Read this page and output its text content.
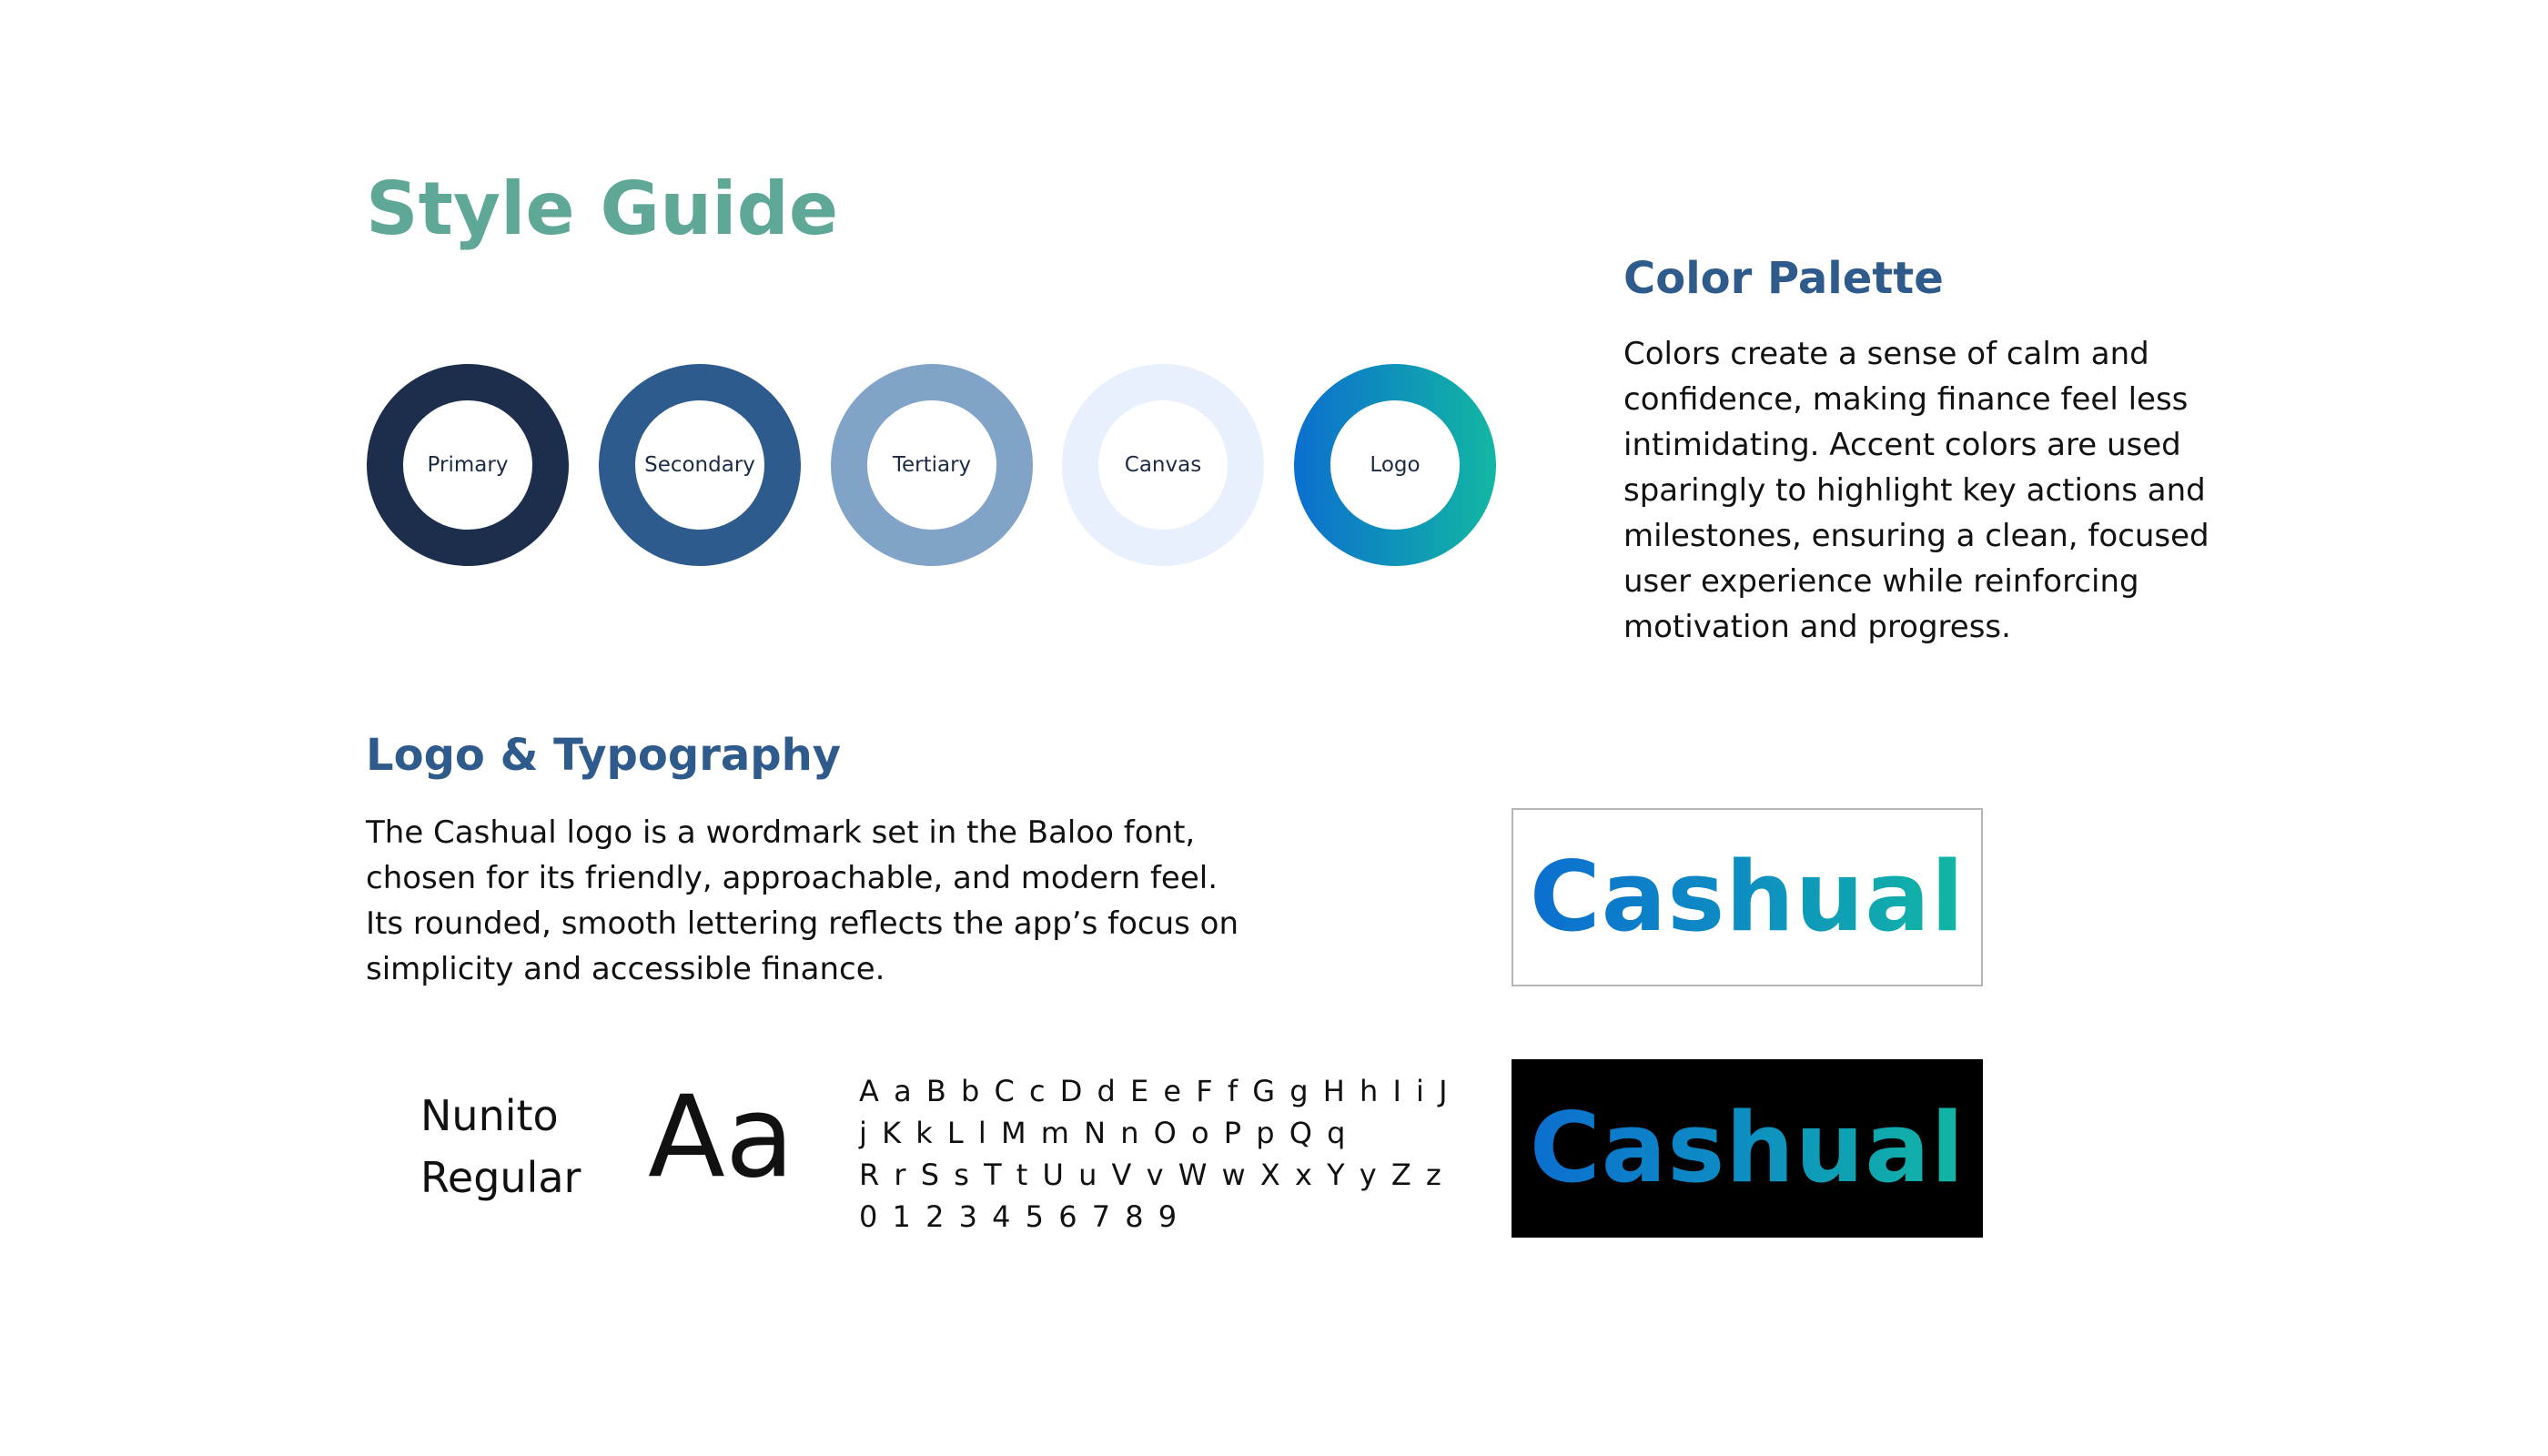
Style Guide
Primary	Secondary	Tertiary	Canvas	Logo
Color Palette

Colors create a sense of calm and confidence, making finance feel less intimidating. Accent colors are used sparingly to highlight key actions and milestones, ensuring a clean, focused user experience while reinforcing motivation and progress.

Logo & Typography

The Cashual logo is a wordmark set in the Baloo font, chosen for its friendly, approachable, and modern feel. Its rounded, smooth lettering reflects the app’s focus on simplicity and accessible finance.

Nunito
Regular Aa A a B b C c D d E e F f G g H h I i J
j K k L l M m N n O o P p Q q
R r S s T t U u V v W w X x Y y Z z
0 1 2 3 4 5 6 7 8 9
Cashual
Cashual
